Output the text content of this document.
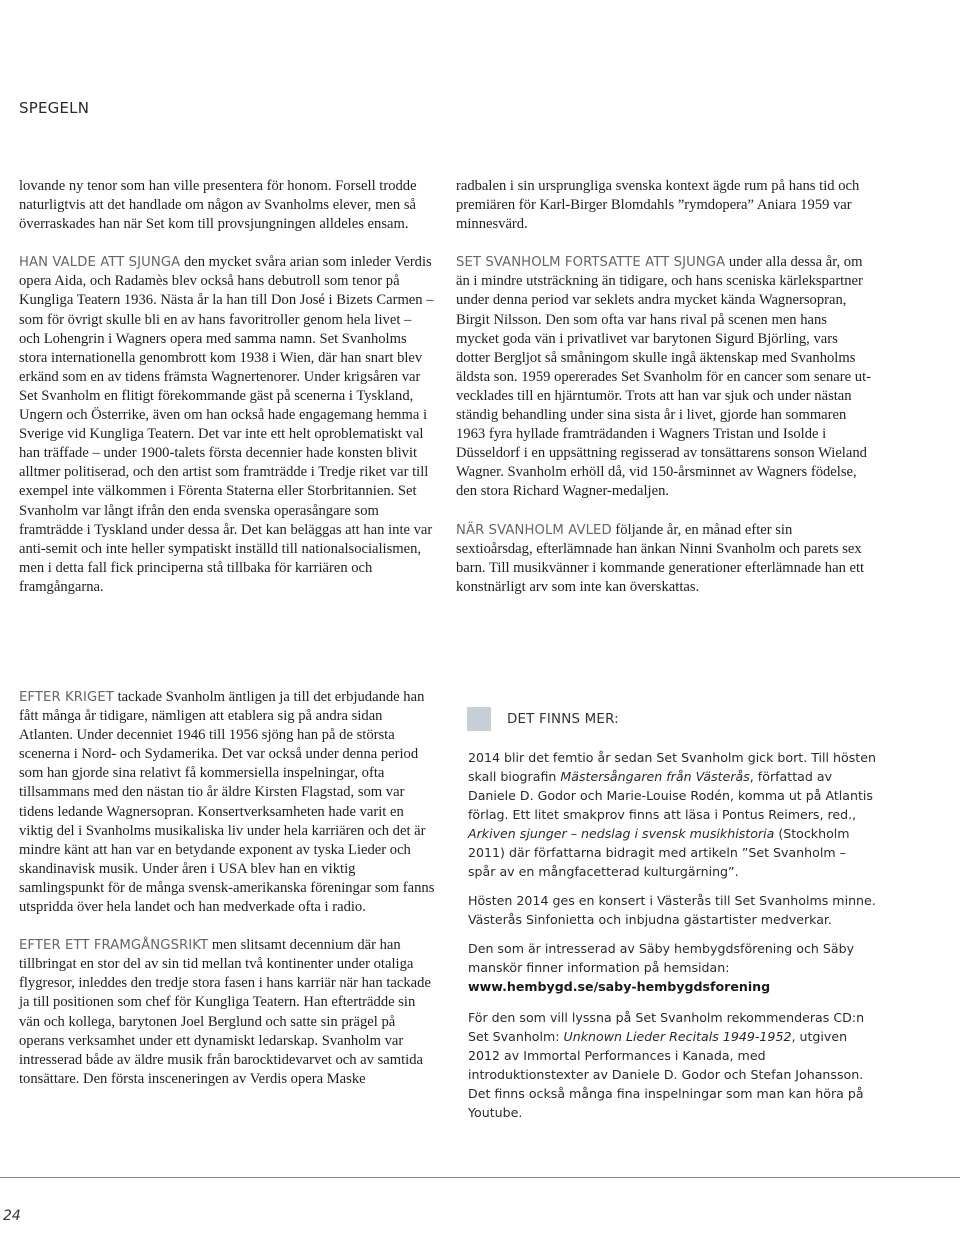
SPEGELN

lovande ny tenor som han ville presentera för honom. Forsell trodde naturligtvis att det handlade om någon av Svanholms elever, men så överraskades han när Set kom till provsjungningen alldeles ensam.

HAN VALDE ATT SJUNGA den mycket svåra arian som inleder Verdis opera Aida, och Radamès blev också hans debutroll som tenor på Kungliga Teatern 1936. Nästa år la han till Don José i Bizets Carmen – som för övrigt skulle bli en av hans favoritroller genom hela livet – och Lohengrin i Wagners opera med samma namn. Set Svanholms stora internationella genombrott kom 1938 i Wien, där han snart blev erkänd som en av tidens främsta Wagnertenorer. Under krigsåren var Set Svanholm en flitigt förekommande gäst på scenerna i Tyskland, Ungern och Österrike, även om han också hade engagemang hemma i Sverige vid Kungliga Teatern. Det var inte ett helt oproblematiskt val han träffade – under 1900-talets första decennier hade konsten blivit alltmer politiserad, och den artist som framträdde i Tredje riket var till exempel inte välkommen i Förenta Staterna eller Storbritannien. Set Svanholm var långt ifrån den enda svenska operasångare som framträdde i Tyskland under dessa år. Det kan beläggas att han inte var anti-semit och inte heller sympatiskt inställd till nationalsocialismen, men i detta fall fick principerna stå tillbaka för karriären och framgångarna.

EFTER KRIGET tackade Svanholm äntligen ja till det erbjudande han fått många år tidigare, nämligen att etablera sig på andra sidan Atlanten. Under decenniet 1946 till 1956 sjöng han på de största scenerna i Nord- och Sydamerika. Det var också under denna period som han gjorde sina relativt få kommersiella inspelningar, ofta tillsammans med den nästan tio år äldre Kirsten Flagstad, som var tidens ledande Wagnersopran. Konsertverksamheten hade varit en viktig del i Svanholms musikaliska liv under hela karriären och det är mindre känt att han var en betydande exponent av tyska Lieder och skandinavisk musik. Under åren i USA blev han en viktig samlingspunkt för de många svensk-amerikanska föreningar som fanns utspridda över hela landet och han medverkade ofta i radio.

EFTER ETT FRAMGÅNGSRIKT men slitsamt decennium där han tillbringat en stor del av sin tid mellan två kontinenter under otaliga flygresor, inleddes den tredje stora fasen i hans karriär när han tackade ja till positionen som chef för Kungliga Teatern. Han efterträdde sin vän och kollega, barytonen Joel Berglund och satte sin prägel på operans verksamhet under ett dynamiskt ledarskap. Svanholm var intresserad både av äldre musik från barocktidevarvet och av samtida tonsättare. Den första insceneringen av Verdis opera Maske

radbalen i sin ursprungliga svenska kontext ägde rum på hans tid och premiären för Karl-Birger Blomdahls ”rymdopera” Aniara 1959 var minnesvärd.

SET SVANHOLM FORTSATTE ATT SJUNGA under alla dessa år, om än i mindre utsträckning än tidigare, och hans sceniska kärlekspartner under denna period var seklets andra mycket kända Wagnersopran, Birgit Nilsson. Den som ofta var hans rival på scenen men hans mycket goda vän i privatlivet var barytonen Sigurd Björling, vars dotter Bergljot så småningom skulle ingå äktenskap med Svanholms äldsta son. 1959 opererades Set Svanholm för en cancer som senare utvecklades till en hjärntumör. Trots att han var sjuk och under nästan ständig behandling under sina sista år i livet, gjorde han sommaren 1963 fyra hyllade framträdanden i Wagners Tristan und Isolde i Düsseldorf i en uppsättning regisserad av tonsättarens sonson Wieland Wagner. Svanholm erhöll då, vid 150-årsminnet av Wagners födelse, den stora Richard Wagner-medaljen.

NÄR SVANHOLM AVLED följande år, en månad efter sin sextioårsdag, efterlämnade han änkan Ninni Svanholm och parets sex barn. Till musikvänner i kommande generationer efterlämnade han ett konstnärligt arv som inte kan överskattas.

DET FINNS MER:

2014 blir det femtio år sedan Set Svanholm gick bort. Till hösten skall biografin Mästersångaren från Västerås, författad av Daniele D. Godor och Marie-Louise Rodén, komma ut på Atlantis förlag. Ett litet smakprov finns att läsa i Pontus Reimers, red., Arkiven sjunger – nedslag i svensk musikhistoria (Stockholm 2011) där författarna bidragit med artikeln ”Set Svanholm – spår av en mångfacetterad kulturgärning”.

Hösten 2014 ges en konsert i Västerås till Set Svanholms minne. Västerås Sinfonietta och inbjudna gästartister medverkar.

Den som är intresserad av Säby hembygdsförening och Säby manskör finner information på hemsidan:
www.hembygd.se/saby-hembygdsforening

För den som vill lyssna på Set Svanholm rekommenderas CD:n Set Svanholm: Unknown Lieder Recitals 1949-1952, utgiven 2012 av Immortal Performances i Kanada, med introduktionstexter av Daniele D. Godor och Stefan Johansson. Det finns också många fina inspelningar som man kan höra på Youtube.

24
